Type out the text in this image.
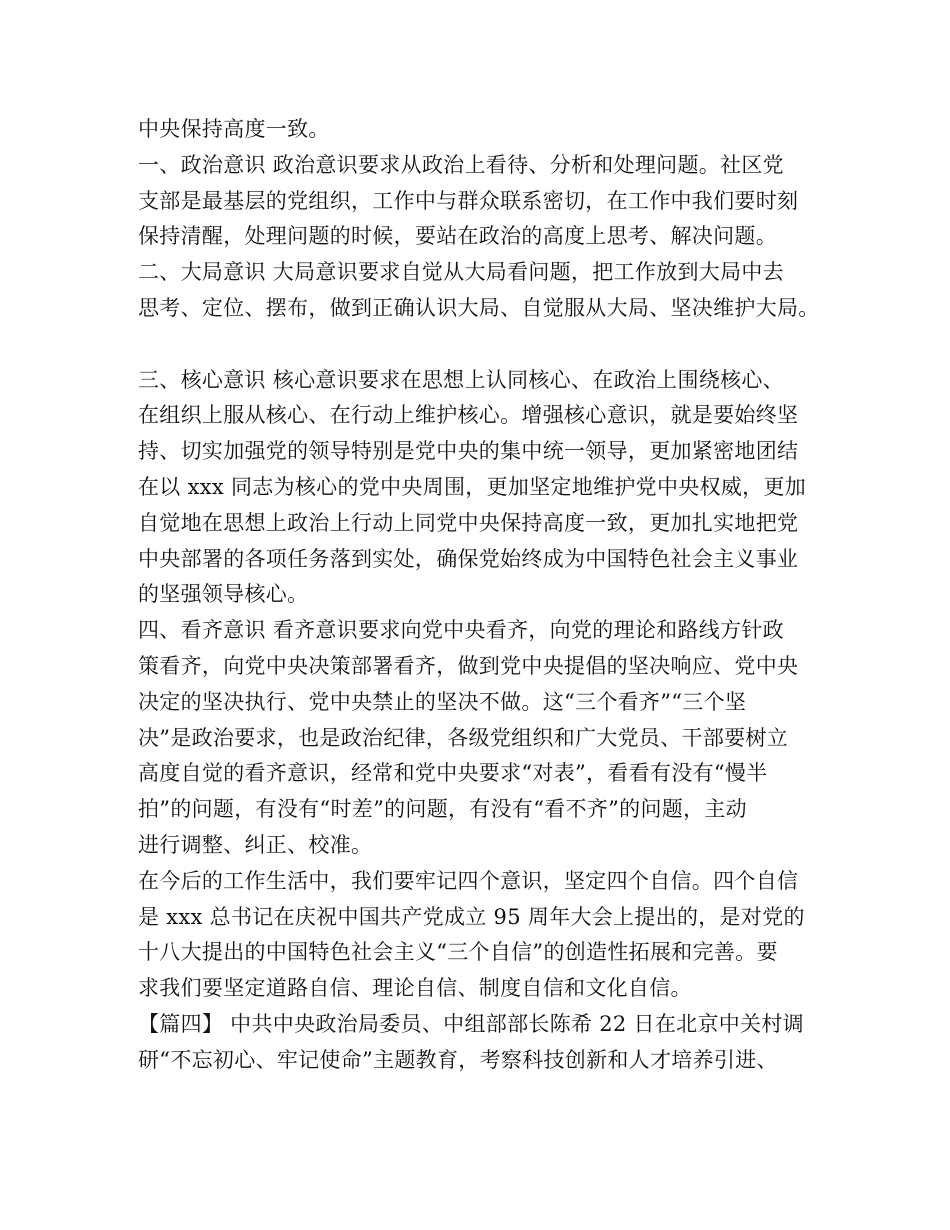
中央保持高度一致。
一、政治意识 政治意识要求从政治上看待、分析和处理问题。社区党
支部是最基层的党组织，工作中与群众联系密切，在工作中我们要时刻
保持清醒，处理问题的时候，要站在政治的高度上思考、解决问题。
二、大局意识 大局意识要求自觉从大局看问题，把工作放到大局中去
思考、定位、摆布，做到正确认识大局、自觉服从大局、坚决维护大局。
三、核心意识 核心意识要求在思想上认同核心、在政治上围绕核心、
在组织上服从核心、在行动上维护核心。增强核心意识，就是要始终坚
持、切实加强党的领导特别是党中央的集中统一领导，更加紧密地团结
在以 xxx 同志为核心的党中央周围，更加坚定地维护党中央权威，更加
自觉地在思想上政治上行动上同党中央保持高度一致，更加扎实地把党
中央部署的各项任务落到实处，确保党始终成为中国特色社会主义事业
的坚强领导核心。
四、看齐意识 看齐意识要求向党中央看齐，向党的理论和路线方针政
策看齐，向党中央决策部署看齐，做到党中央提倡的坚决响应、党中央
决定的坚决执行、党中央禁止的坚决不做。这“三个看齐”“三个坚
决”是政治要求，也是政治纪律，各级党组织和广大党员、干部要树立
高度自觉的看齐意识，经常和党中央要求“对表”，看看有没有“慢半
拍”的问题，有没有“时差”的问题，有没有“看不齐”的问题，主动
进行调整、纠正、校准。
在今后的工作生活中，我们要牢记四个意识，坚定四个自信。四个自信
是 xxx 总书记在庆祝中国共产党成立 95 周年大会上提出的，是对党的
十八大提出的中国特色社会主义“三个自信”的创造性拓展和完善。要
求我们要坚定道路自信、理论自信、制度自信和文化自信。
【篇四】 中共中央政治局委员、中组部部长陈希 22 日在北京中关村调
研“不忘初心、牢记使命”主题教育，考察科技创新和人才培养引进、
